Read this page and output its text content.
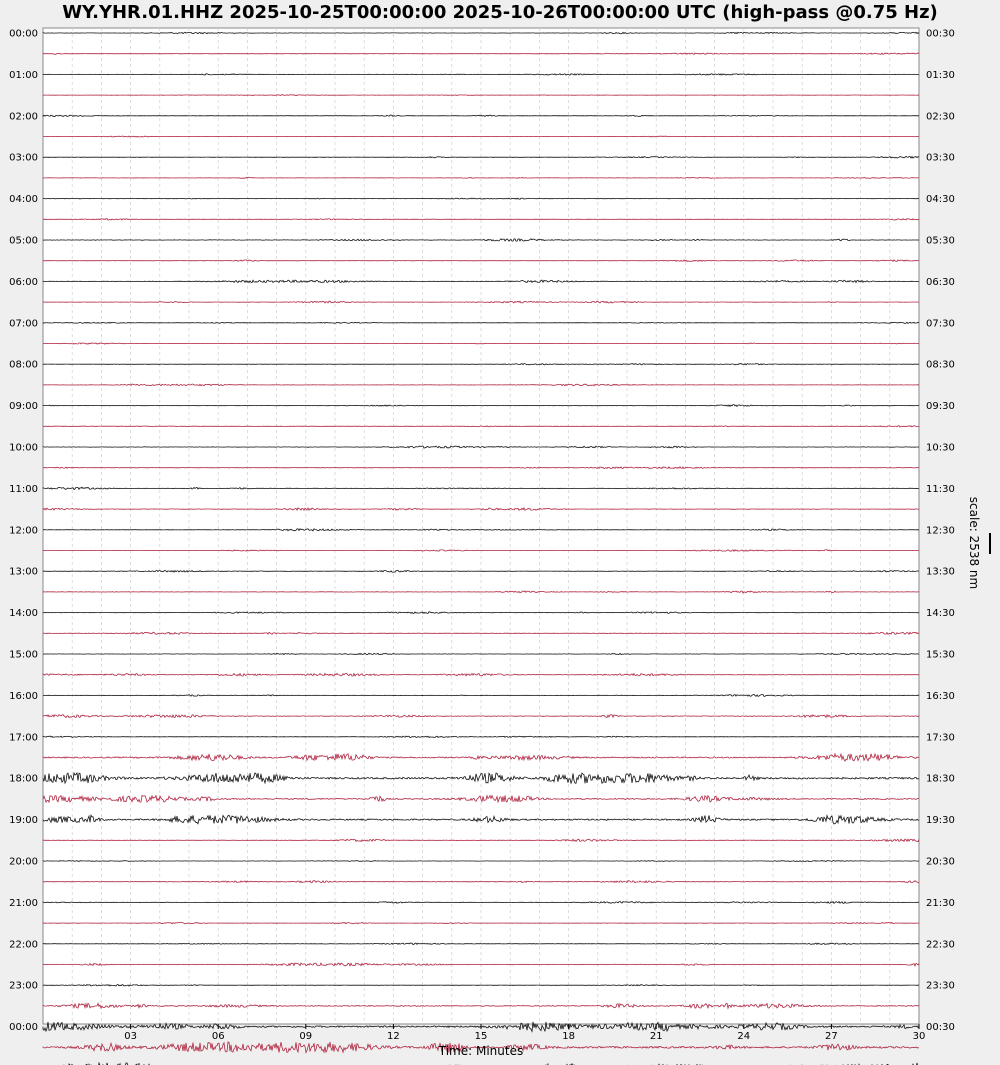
WY.YHR.01.HHZ 2025-10-25T00:00:00 2025-10-26T00:00:00 UTC (high-pass @0.75 Hz)
00:00
01:00
02:00
03:00
04:00
05:00
06:00
07:00
08:00
09:00
10:00
11:00
12:00
13:00
14:00
15:00
16:00
17:00
18:00
19:00
20:00
21:00
22:00
23:00
00:00
00:30
01:30
02:30
03:30
04:30
05:30
06:30
07:30
08:30
09:30
10:30
11:30
12:30
13:30
14:30
15:30
16:30
17:30
18:30
19:30
20:30
21:30
22:30
23:30
00:30
03	06	09	12	15	18	21	24	27	30
Time: Minutes
scale: 2538 nm
